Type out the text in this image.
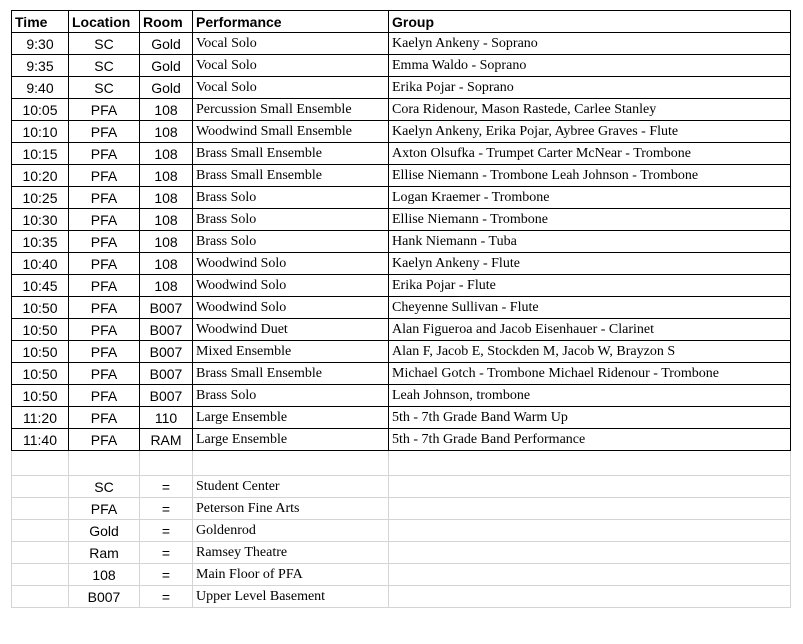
Time	Location	Room	Performance	Group
9:30	SC	Gold	Vocal Solo	Kaelyn Ankeny - Soprano
9:35	SC	Gold	Vocal Solo	Emma Waldo - Soprano
9:40	SC	Gold	Vocal Solo	Erika Pojar - Soprano
10:05	PFA	108	Percussion Small Ensemble	Cora Ridenour, Mason Rastede, Carlee Stanley
10:10	PFA	108	Woodwind Small Ensemble	Kaelyn Ankeny, Erika Pojar, Aybree Graves - Flute
10:15	PFA	108	Brass Small Ensemble	Axton Olsufka - Trumpet Carter McNear - Trombone
10:20	PFA	108	Brass Small Ensemble	Ellise Niemann - Trombone Leah Johnson - Trombone
10:25	PFA	108	Brass Solo	Logan Kraemer - Trombone
10:30	PFA	108	Brass Solo	Ellise Niemann - Trombone
10:35	PFA	108	Brass Solo	Hank Niemann - Tuba
10:40	PFA	108	Woodwind Solo	Kaelyn Ankeny - Flute
10:45	PFA	108	Woodwind Solo	Erika Pojar - Flute
10:50	PFA	B007	Woodwind Solo	Cheyenne Sullivan - Flute
10:50	PFA	B007	Woodwind Duet	Alan Figueroa and Jacob Eisenhauer - Clarinet
10:50	PFA	B007	Mixed Ensemble	Alan F, Jacob E, Stockden M, Jacob W, Brayzon S
10:50	PFA	B007	Brass Small Ensemble	Michael Gotch - Trombone Michael Ridenour - Trombone
10:50	PFA	B007	Brass Solo	Leah Johnson, trombone
11:20	PFA	110	Large Ensemble	5th - 7th Grade Band Warm Up
11:40	PFA	RAM	Large Ensemble	5th - 7th Grade Band Performance

	SC	=	Student Center	
	PFA	=	Peterson Fine Arts	
	Gold	=	Goldenrod	
	Ram	=	Ramsey Theatre	
	108	=	Main Floor of PFA	
	B007	=	Upper Level Basement	
